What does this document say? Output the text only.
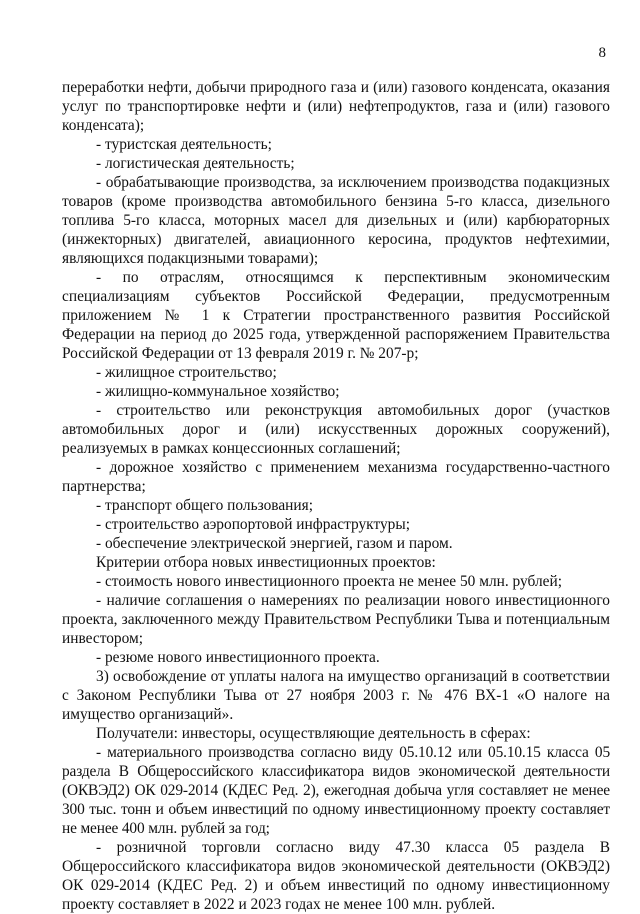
8

переработки нефти, добычи природного газа и (или) газового конденсата, оказания услуг по транспортировке нефти и (или) нефтепродуктов, газа и (или) газового конденсата);

- туристская деятельность;

- логистическая деятельность;

- обрабатывающие производства, за исключением производства подакцизных товаров (кроме производства автомобильного бензина 5-го класса, дизельного топлива 5-го класса, моторных масел для дизельных и (или) карбюраторных (инжекторных) двигателей, авиационного керосина, продуктов нефтехимии, являющихся подакцизными товарами);

- по отраслям, относящимся к перспективным экономическим специализациям субъектов Российской Федерации, предусмотренным приложением № 1 к Стратегии пространственного развития Российской Федерации на период до 2025 года, утвержденной распоряжением Правительства Российской Федерации от 13 февраля 2019 г. № 207-р;

- жилищное строительство;

- жилищно-коммунальное хозяйство;

- строительство или реконструкция автомобильных дорог (участков автомобильных дорог и (или) искусственных дорожных сооружений), реализуемых в рамках концессионных соглашений;

- дорожное хозяйство с применением механизма государственно-частного партнерства;

- транспорт общего пользования;

- строительство аэропортовой инфраструктуры;

- обеспечение электрической энергией, газом и паром.

Критерии отбора новых инвестиционных проектов:

- стоимость нового инвестиционного проекта не менее 50 млн. рублей;

- наличие соглашения о намерениях по реализации нового инвестиционного проекта, заключенного между Правительством Республики Тыва и потенциальным инвестором;

- резюме нового инвестиционного проекта.

3) освобождение от уплаты налога на имущество организаций в соответствии с Законом Республики Тыва от 27 ноября 2003 г. № 476 ВХ-1 «О налоге на имущество организаций».

Получатели: инвесторы, осуществляющие деятельность в сферах:

- материального производства согласно виду 05.10.12 или 05.10.15 класса 05 раздела В Общероссийского классификатора видов экономической деятельности (ОКВЭД2) ОК 029-2014 (КДЕС Ред. 2), ежегодная добыча угля составляет не менее 300 тыс. тонн и объем инвестиций по одному инвестиционному проекту составляет не менее 400 млн. рублей за год;

- розничной торговли согласно виду 47.30 класса 05 раздела В Общероссийского классификатора видов экономической деятельности (ОКВЭД2) ОК 029-2014 (КДЕС Ред. 2) и объем инвестиций по одному инвестиционному проекту составляет в 2022 и 2023 годах не менее 100 млн. рублей.
